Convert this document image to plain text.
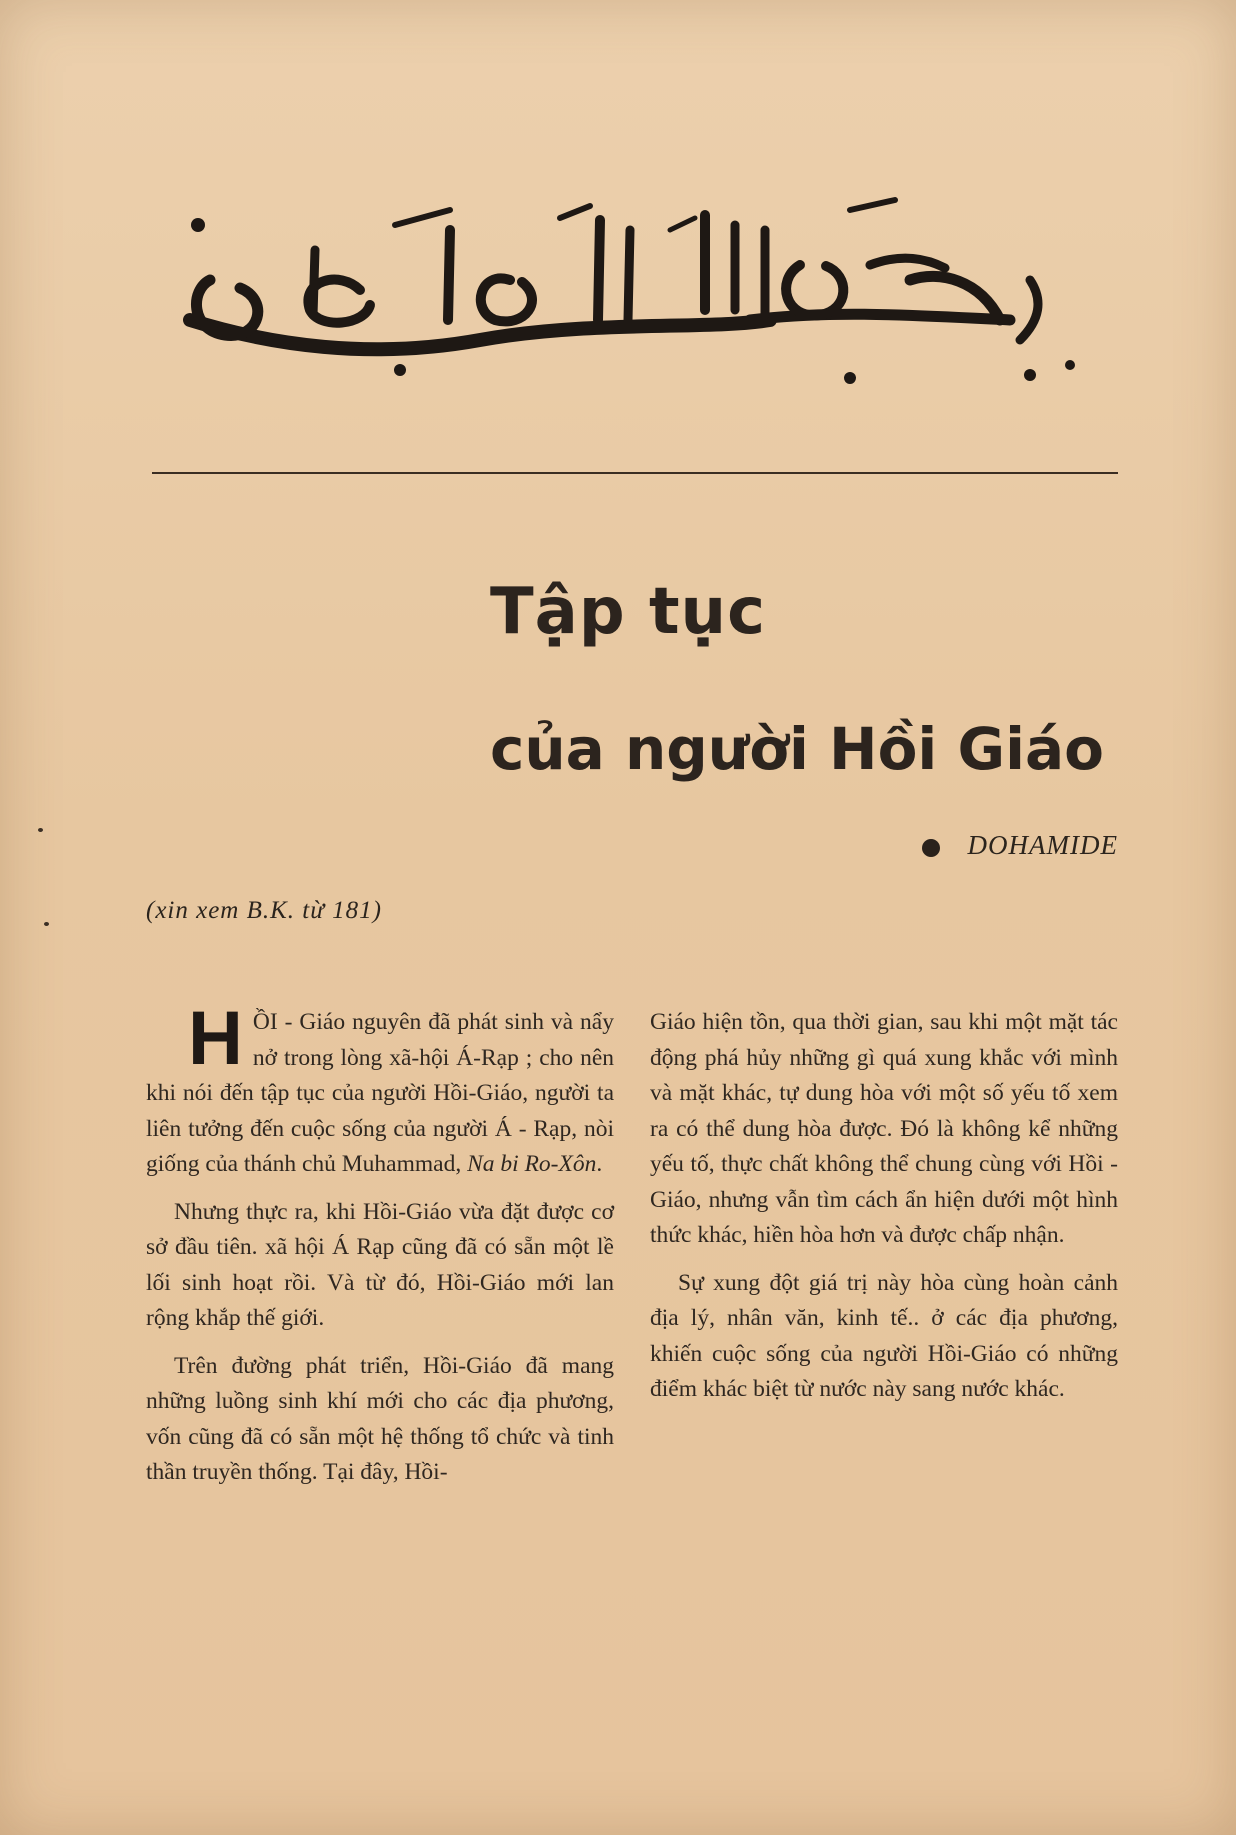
Tập tục
của người Hồi Giáo
DOHAMIDE
(xin xem B.K. từ 181)

HỒI - Giáo nguyên đã phát sinh và nẩy nở trong lòng xã-hội Á-Rạp ; cho nên khi nói đến tập tục của người Hồi-Giáo, người ta liên tưởng đến cuộc sống của người Á - Rạp, nòi giống của thánh chủ Muhammad, Na bi Ro-Xôn.

Nhưng thực ra, khi Hồi-Giáo vừa đặt được cơ sở đầu tiên. xã hội Á Rạp cũng đã có sẵn một lề lối sinh hoạt rồi. Và từ đó, Hồi-Giáo mới lan rộng khắp thế giới.

Trên đường phát triển, Hồi-Giáo đã mang những luồng sinh khí mới cho các địa phương, vốn cũng đã có sẵn một hệ thống tổ chức và tinh thần truyền thống. Tại đây, Hồi-

Giáo hiện tồn, qua thời gian, sau khi một mặt tác động phá hủy những gì quá xung khắc với mình và mặt khác, tự dung hòa với một số yếu tố xem ra có thể dung hòa được. Đó là không kể những yếu tố, thực chất không thể chung cùng với Hồi - Giáo, nhưng vẫn tìm cách ẩn hiện dưới một hình thức khác, hiền hòa hơn và được chấp nhận.

Sự xung đột giá trị này hòa cùng hoàn cảnh địa lý, nhân văn, kinh tế.. ở các địa phương, khiến cuộc sống của người Hồi-Giáo có những điểm khác biệt từ nước này sang nước khác.
